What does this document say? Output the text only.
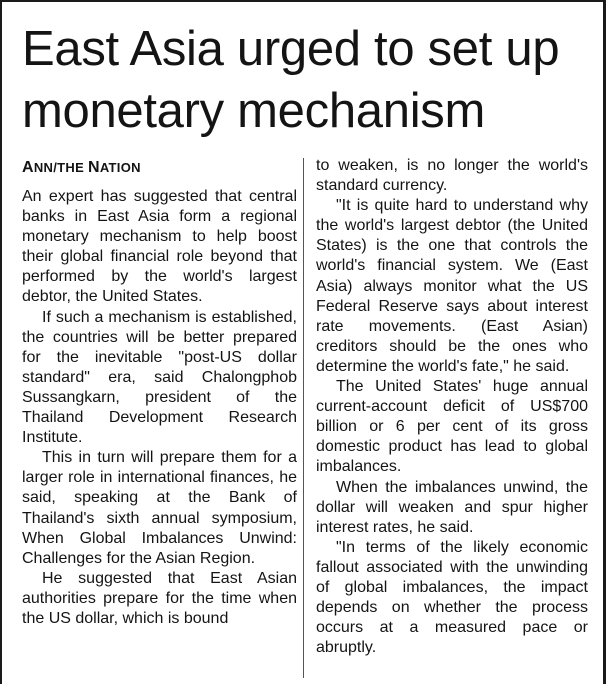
East Asia urged to set up monetary mechanism

ANN/THE NATION

An expert has suggested that central banks in East Asia form a regional monetary mechanism to help boost their global financial role beyond that performed by the world's largest debtor, the United States.

If such a mechanism is established, the countries will be better prepared for the inevitable "post-US dollar standard" era, said Chalongphob Sussangkarn, president of the Thailand Development Research Institute.

This in turn will prepare them for a larger role in international finances, he said, speaking at the Bank of Thailand's sixth annual symposium, When Global Imbalances Unwind: Challenges for the Asian Region.

He suggested that East Asian authorities prepare for the time when the US dollar, which is bound

to weaken, is no longer the world's standard currency.

"It is quite hard to understand why the world's largest debtor (the United States) is the one that controls the world's financial system. We (East Asia) always monitor what the US Federal Reserve says about interest rate movements. (East Asian) creditors should be the ones who determine the world's fate," he said.

The United States' huge annual current-account deficit of US$700 billion or 6 per cent of its gross domestic product has lead to global imbalances.

When the imbalances unwind, the dollar will weaken and spur higher interest rates, he said.

"In terms of the likely economic fallout associated with the unwinding of global imbalances, the impact depends on whether the process occurs at a measured pace or abruptly.
